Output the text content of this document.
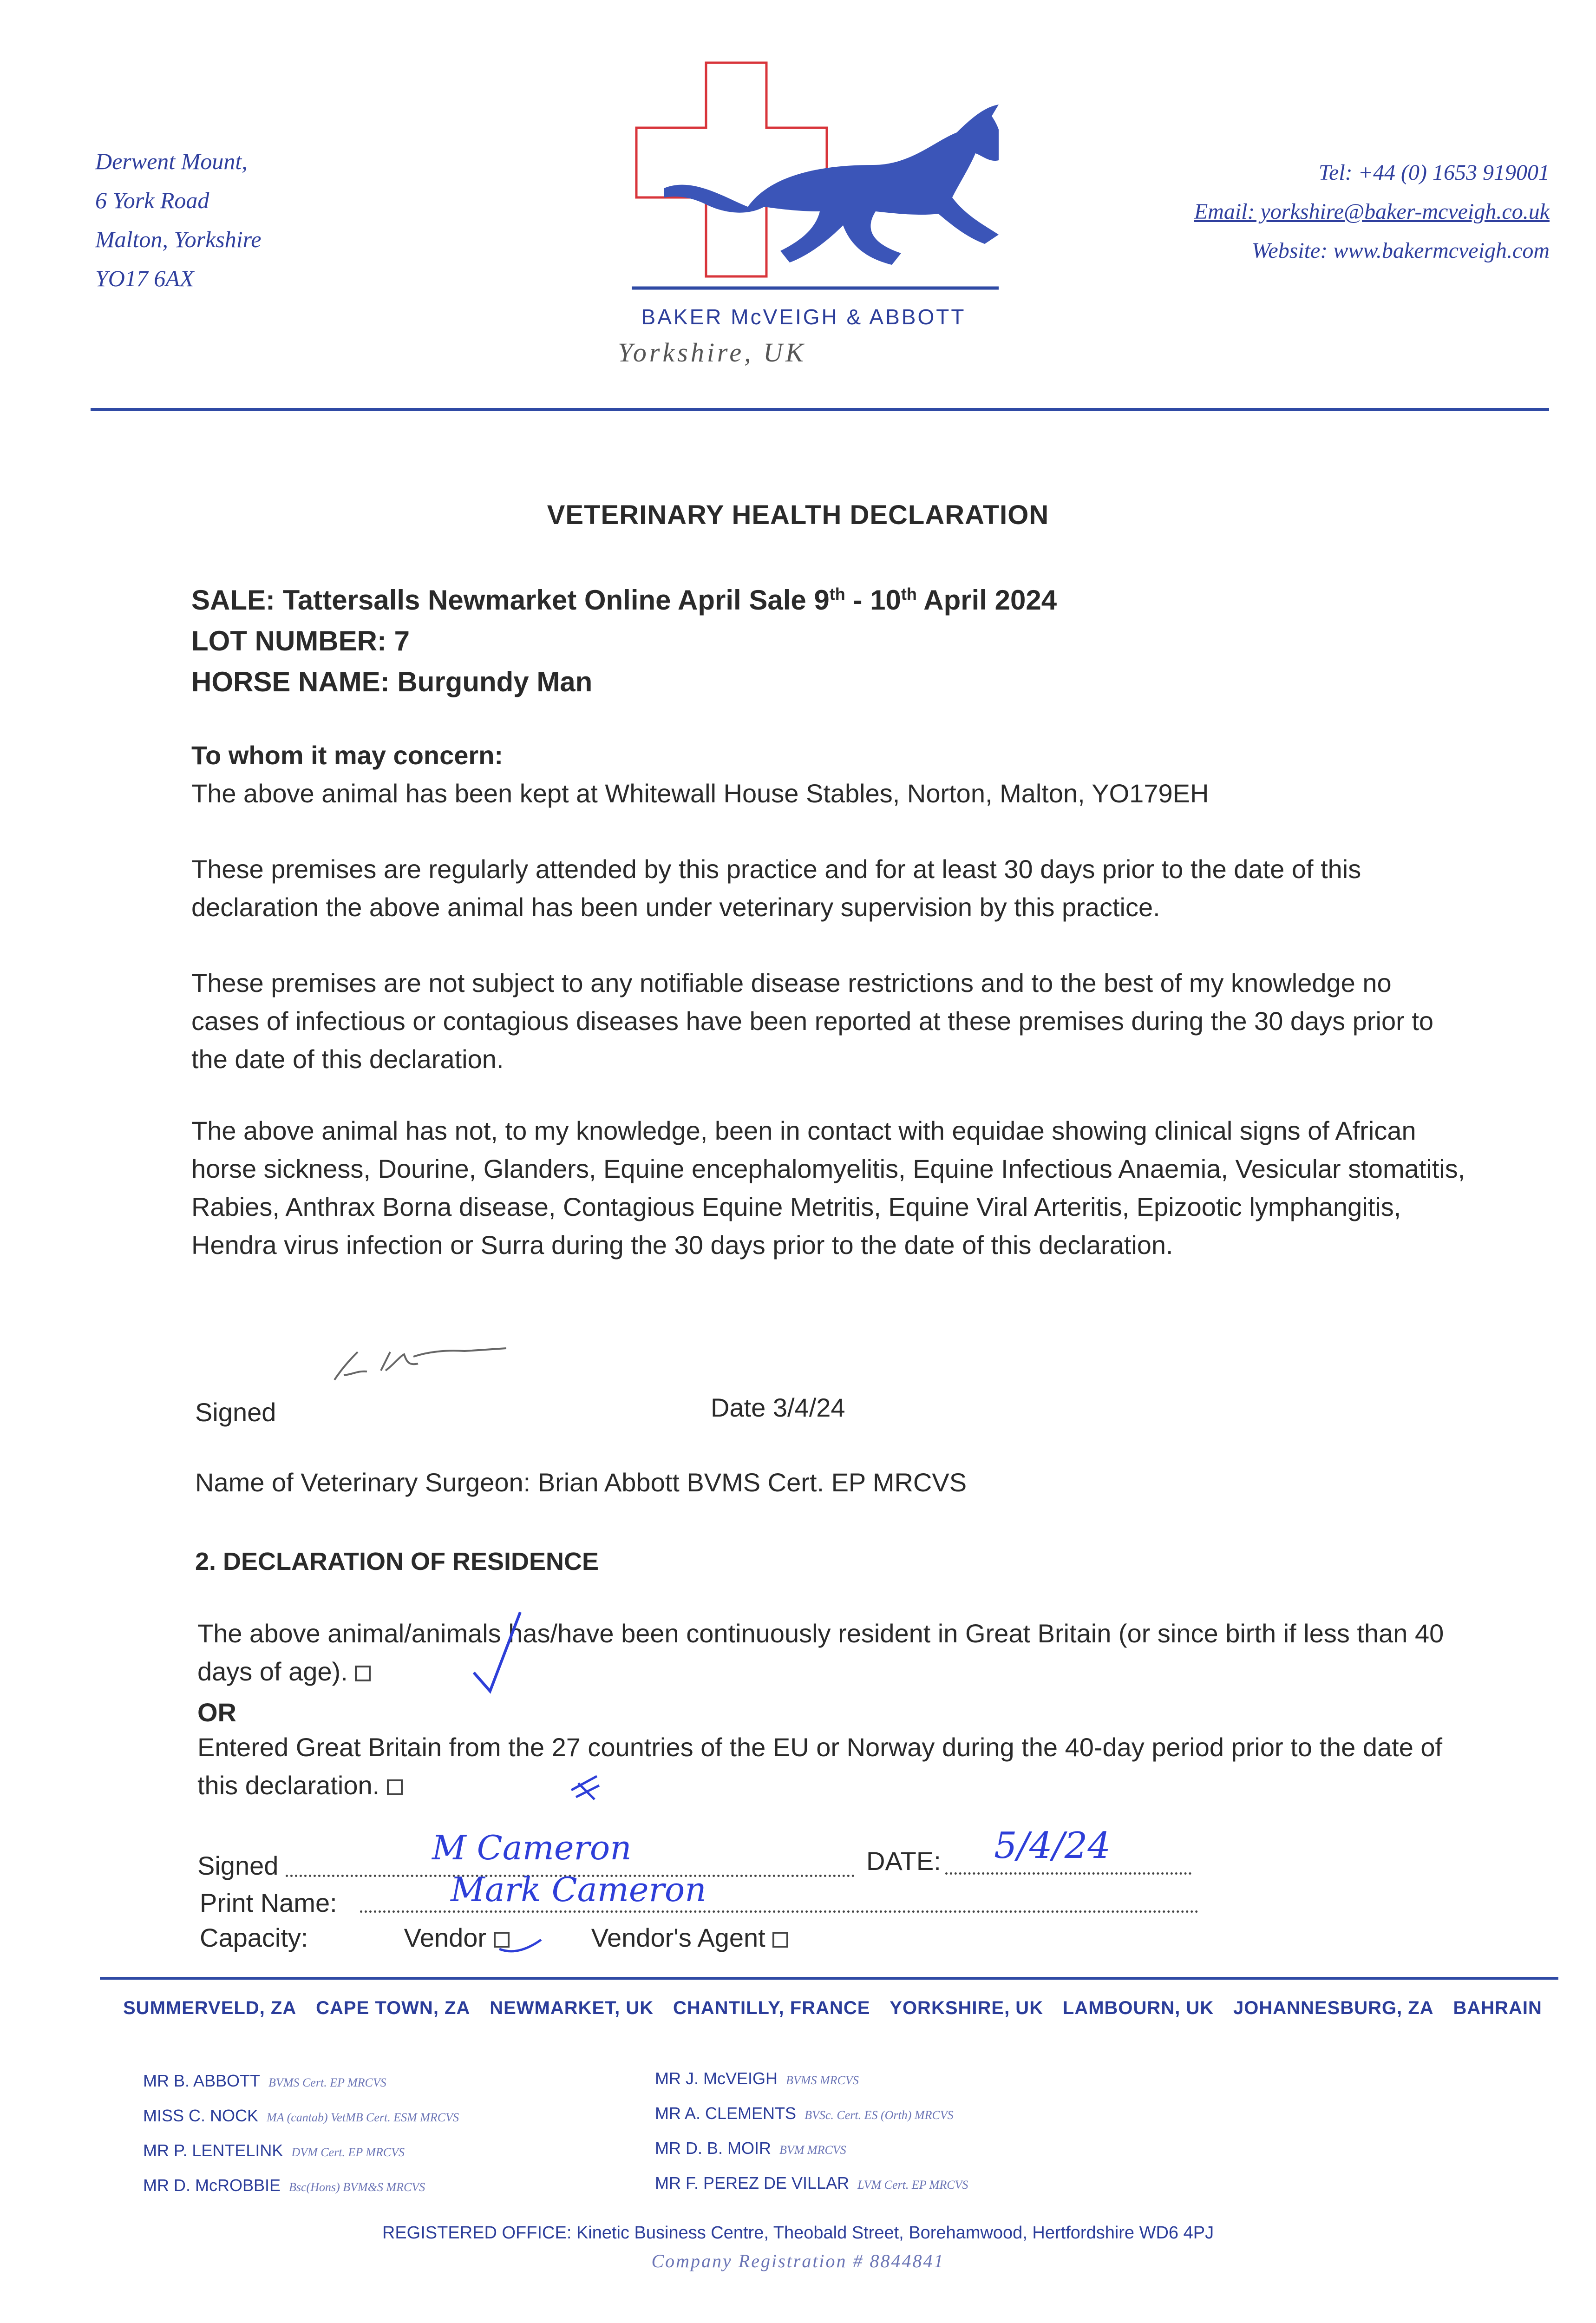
Derwent Mount,
6 York Road
Malton, Yorkshire
YO17 6AX
Tel: +44 (0) 1653 919001
Email: yorkshire@baker-mcveigh.co.uk
Website: www.bakermcveigh.com
BAKER McVEIGH & ABBOTT
Yorkshire, UK
VETERINARY HEALTH DECLARATION
SALE: Tattersalls Newmarket Online April Sale 9th - 10th April 2024
LOT NUMBER: 7
HORSE NAME: Burgundy Man
To whom it may concern:
The above animal has been kept at Whitewall House Stables, Norton, Malton, YO179EH
These premises are regularly attended by this practice and for at least 30 days prior to the date of this declaration the above animal has been under veterinary supervision by this practice.
These premises are not subject to any notifiable disease restrictions and to the best of my knowledge no cases of infectious or contagious diseases have been reported at these premises during the 30 days prior to the date of this declaration.
The above animal has not, to my knowledge, been in contact with equidae showing clinical signs of African horse sickness, Dourine, Glanders, Equine encephalomyelitis, Equine Infectious Anaemia, Vesicular stomatitis, Rabies, Anthrax Borna disease, Contagious Equine Metritis, Equine Viral Arteritis, Epizootic lymphangitis, Hendra virus infection or Surra during the 30 days prior to the date of this declaration.
Signed	Date 3/4/24
Name of Veterinary Surgeon: Brian Abbott BVMS Cert. EP MRCVS
2. DECLARATION OF RESIDENCE
The above animal/animals has/have been continuously resident in Great Britain (or since birth if less than 40 days of age).
OR
Entered Great Britain from the 27 countries of the EU or Norway during the 40-day period prior to the date of this declaration.
Signed	M Cameron	DATE: 5/4/24
Print Name:	Mark Cameron
Capacity:	Vendor	Vendor's Agent
SUMMERVELD, ZA CAPE TOWN, ZA NEWMARKET, UK CHANTILLY, FRANCE YORKSHIRE, UK LAMBOURN, UK JOHANNESBURG, ZA BAHRAIN
MR B. ABBOTT BVMS Cert. EP MRCVS
MISS C. NOCK MA (cantab) VetMB Cert. ESM MRCVS
MR P. LENTELINK DVM Cert. EP MRCVS
MR D. McROBBIE Bsc(Hons) BVM&S MRCVS
MR J. McVEIGH BVMS MRCVS
MR A. CLEMENTS BVSc. Cert. ES (Orth) MRCVS
MR D. B. MOIR BVM MRCVS
MR F. PEREZ DE VILLAR LVM Cert. EP MRCVS
REGISTERED OFFICE: Kinetic Business Centre, Theobald Street, Borehamwood, Hertfordshire WD6 4PJ
Company Registration # 8844841
